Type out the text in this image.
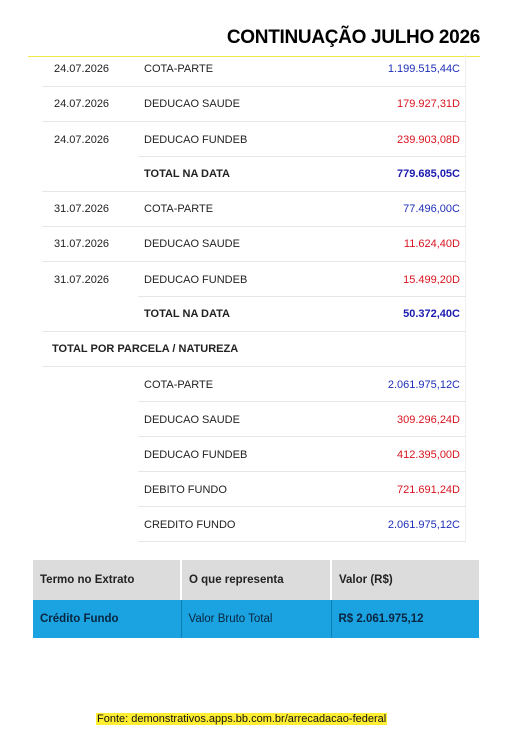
CONTINUAÇÃO JULHO 2026
24.07.2026	COTA-PARTE	1.199.515,44C
24.07.2026	DEDUCAO SAUDE	179.927,31D
24.07.2026	DEDUCAO FUNDEB	239.903,08D
TOTAL NA DATA	779.685,05C
31.07.2026	COTA-PARTE	77.496,00C
31.07.2026	DEDUCAO SAUDE	11.624,40D
31.07.2026	DEDUCAO FUNDEB	15.499,20D
TOTAL NA DATA	50.372,40C
TOTAL POR PARCELA / NATUREZA
COTA-PARTE	2.061.975,12C
DEDUCAO SAUDE	309.296,24D
DEDUCAO FUNDEB	412.395,00D
DEBITO FUNDO	721.691,24D
CREDITO FUNDO	2.061.975,12C
Termo no Extrato	O que representa	Valor (R$)
Crédito Fundo	Valor Bruto Total	R$ 2.061.975,12
Fonte: demonstrativos.apps.bb.com.br/arrecadacao-federal
